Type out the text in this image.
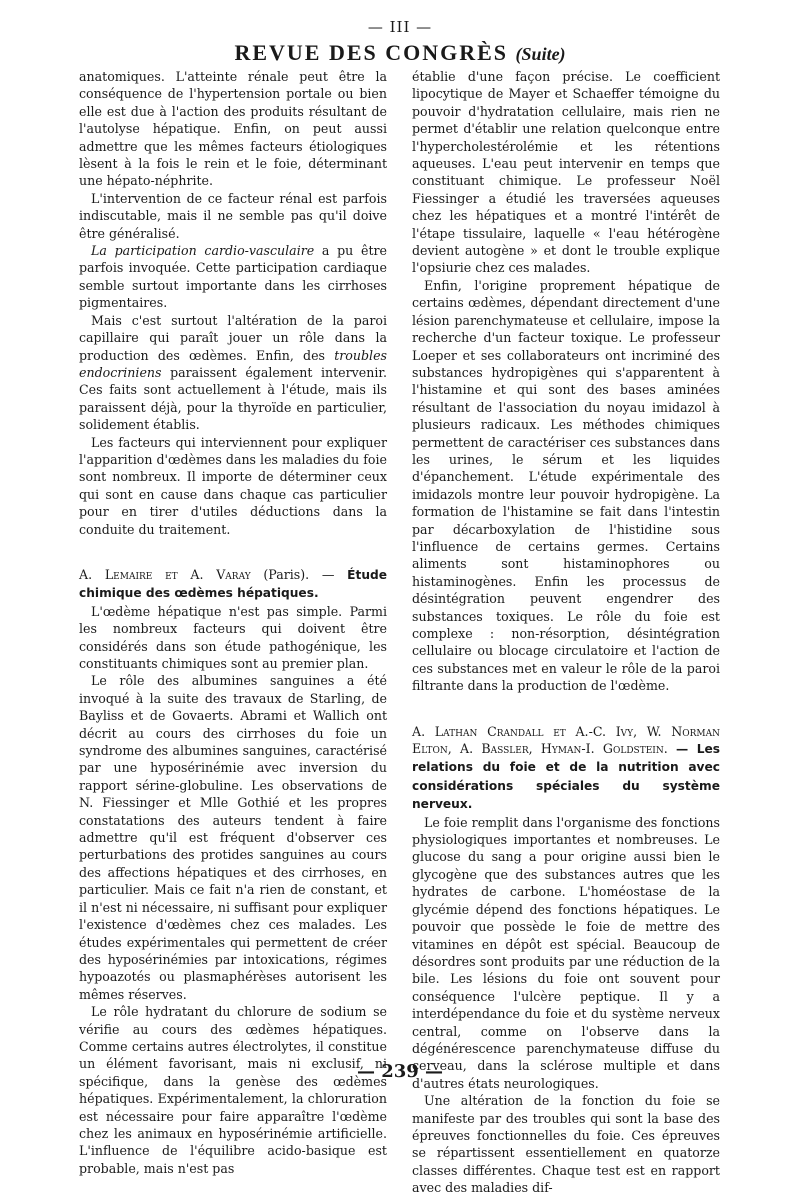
— III —
REVUE DES CONGRÈS (Suite)

anatomiques. L'atteinte rénale peut être la conséquence de l'hypertension portale ou bien elle est due à l'action des produits résultant de l'autolyse hépatique. Enfin, on peut aussi admettre que les mêmes facteurs étiologiques lèsent à la fois le rein et le foie, déterminant une hépato-néphrite.

L'intervention de ce facteur rénal est parfois indiscutable, mais il ne semble pas qu'il doive être généralisé.

La participation cardio-vasculaire a pu être parfois invoquée. Cette participation cardiaque semble surtout importante dans les cirrhoses pigmentaires.

Mais c'est surtout l'altération de la paroi capillaire qui paraît jouer un rôle dans la production des œdèmes. Enfin, des troubles endocriniens paraissent également intervenir. Ces faits sont actuellement à l'étude, mais ils paraissent déjà, pour la thyroïde en particulier, solidement établis.

Les facteurs qui interviennent pour expliquer l'apparition d'œdèmes dans les maladies du foie sont nombreux. Il importe de déterminer ceux qui sont en cause dans chaque cas particulier pour en tirer d'utiles déductions dans la conduite du traitement.

A. Lemaire et A. Varay (Paris). — Étude chimique des œdèmes hépatiques.

L'œdème hépatique n'est pas simple. Parmi les nombreux facteurs qui doivent être considérés dans son étude pathogénique, les constituants chimiques sont au premier plan.

Le rôle des albumines sanguines a été invoqué à la suite des travaux de Starling, de Bayliss et de Govaerts. Abrami et Wallich ont décrit au cours des cirrhoses du foie un syndrome des albumines sanguines, caractérisé par une hyposérinémie avec inversion du rapport sérine-globuline. Les observations de N. Fiessinger et Mlle Gothié et les propres constatations des auteurs tendent à faire admettre qu'il est fréquent d'observer ces perturbations des protides sanguines au cours des affections hépatiques et des cirrhoses, en particulier. Mais ce fait n'a rien de constant, et il n'est ni nécessaire, ni suffisant pour expliquer l'existence d'œdèmes chez ces malades. Les études expérimentales qui permettent de créer des hyposérinémies par intoxications, régimes hypoazotés ou plasmaphérèses autorisent les mêmes réserves.

Le rôle hydratant du chlorure de sodium se vérifie au cours des œdèmes hépatiques. Comme certains autres électrolytes, il constitue un élément favorisant, mais ni exclusif, ni spécifique, dans la genèse des œdèmes hépatiques. Expérimentalement, la chloruration est nécessaire pour faire apparaître l'œdème chez les animaux en hyposérinémie artificielle. L'influence de l'équilibre acido-basique est probable, mais n'est pas

établie d'une façon précise. Le coefficient lipocytique de Mayer et Schaeffer témoigne du pouvoir d'hydratation cellulaire, mais rien ne permet d'établir une relation quelconque entre l'hypercholestérolémie et les rétentions aqueuses. L'eau peut intervenir en temps que constituant chimique. Le professeur Noël Fiessinger a étudié les traversées aqueuses chez les hépatiques et a montré l'intérêt de l'étape tissulaire, laquelle « l'eau hétérogène devient autogène » et dont le trouble explique l'opsiurie chez ces malades.

Enfin, l'origine proprement hépatique de certains œdèmes, dépendant directement d'une lésion parenchymateuse et cellulaire, impose la recherche d'un facteur toxique. Le professeur Loeper et ses collaborateurs ont incriminé des substances hydropigènes qui s'apparentent à l'histamine et qui sont des bases aminées résultant de l'association du noyau imidazol à plusieurs radicaux. Les méthodes chimiques permettent de caractériser ces substances dans les urines, le sérum et les liquides d'épanchement. L'étude expérimentale des imidazols montre leur pouvoir hydropigène. La formation de l'histamine se fait dans l'intestin par décarboxylation de l'histidine sous l'influence de certains germes. Certains aliments sont histaminophores ou histaminogènes. Enfin les processus de désintégration peuvent engendrer des substances toxiques. Le rôle du foie est complexe : non-résorption, désintégration cellulaire ou blocage circulatoire et l'action de ces substances met en valeur le rôle de la paroi filtrante dans la production de l'œdème.

A. Lathan Crandall et A.-C. Ivy, W. Norman Elton, A. Bassler, Hyman-I. Goldstein. — Les relations du foie et de la nutrition avec considérations spéciales du système nerveux.

Le foie remplit dans l'organisme des fonctions physiologiques importantes et nombreuses. Le glucose du sang a pour origine aussi bien le glycogène que des substances autres que les hydrates de carbone. L'homéostase de la glycémie dépend des fonctions hépatiques. Le pouvoir que possède le foie de mettre des vitamines en dépôt est spécial. Beaucoup de désordres sont produits par une réduction de la bile. Les lésions du foie ont souvent pour conséquence l'ulcère peptique. Il y a interdépendance du foie et du système nerveux central, comme on l'observe dans la dégénérescence parenchymateuse diffuse du cerveau, dans la sclérose multiple et dans d'autres états neurologiques.

Une altération de la fonction du foie se manifeste par des troubles qui sont la base des épreuves fonctionnelles du foie. Ces épreuves se répartissent essentiellement en quatorze classes différentes. Chaque test est en rapport avec des maladies dif-

— 239 —
